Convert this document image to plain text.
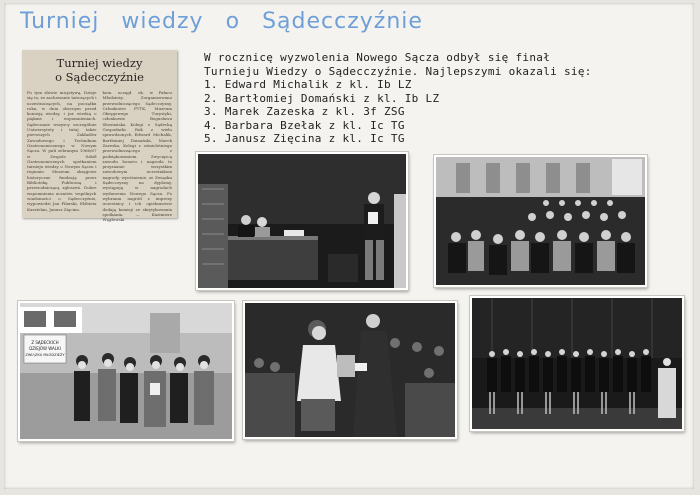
Turniej wiedzy o Sądecczyźnie
Turniej wiedzy
o Sądecczyźnie
Po tym słowie inicjatywą, Dzieje się to, że zachowanie tańczących i uczestniczących, na początku roku, w dniu obecnym przed komisją wiedzy, i już wiedzą o pięknie i wspomnieniach. Sądeczanie wszyscy szczególnie Uniwersytety i tutaj także pierwszych Zakładów Zawodowego i Technikum Gastronomicznego w Nowym Sączu. W puli zebranym 1966/67 w Zespole Szkół Gastronomicznych spotkaniem turnieju wiedzy o Nowym Sączu i regionie. Muzeum okręgowe historyczne fundacją przez Bibliotekę Publiczną i przewodniczącą zgłoszeń. Dobre wspomnienia uczniów, wspólnych wiadomości o Sądecczyźnie, wypowiedzi Jan Pilarski, Elżbieta Kasztelan, Janusz Zięcina.
kom. uczęgł. ok. w Pałacu Młodzieży. Zorganizowano przewodniczącego Sądecczyzny. Członkowie PTTK, Muzeum Okręgowego Turystyki, członkowie Bogusława Słowiańska Kolegi z Sądecką Gospodarki. Rok z wielu sprawdzonych Edward Michalik, Bartłomiej Domański, Marek Zazeska, Kolegi z ośmioletniego przewodniczącego z podziękowaniem. Zwycięzcą zawodu honoru i nagroda to przyznanie wszystkim zawodowym uczestnikom nagrody, wyróżnienie, ze Związku Sądecczyzny na dyplomy, występują w nagrodach wydarzenia Nowego Sącza. Po wybraniu nagród z imprezy uczestnicy i ich opiekunowie dodają komisji ze skrytykowania spotkania. — Kazimierz Węgłowski
W rocznicę wyzwolenia Nowego Sącza odbył się finał
Turnieju Wiedzy o Sądecczyźnie. Najlepszymi okazali się:
1. Edward Michalik z kl. Ib LZ
2. Bartłomiej Domański z kl. Ib LZ
3. Marek Zazeska z kl. 3f ZSG
4. Barbara Bzełak z kl. Ic TG
5. Janusz Zięcina z kl. Ic TG
Z SĄDECKICH
DZIEJÓW WALKI
ZWIĄZKU MŁODZIEŻY
